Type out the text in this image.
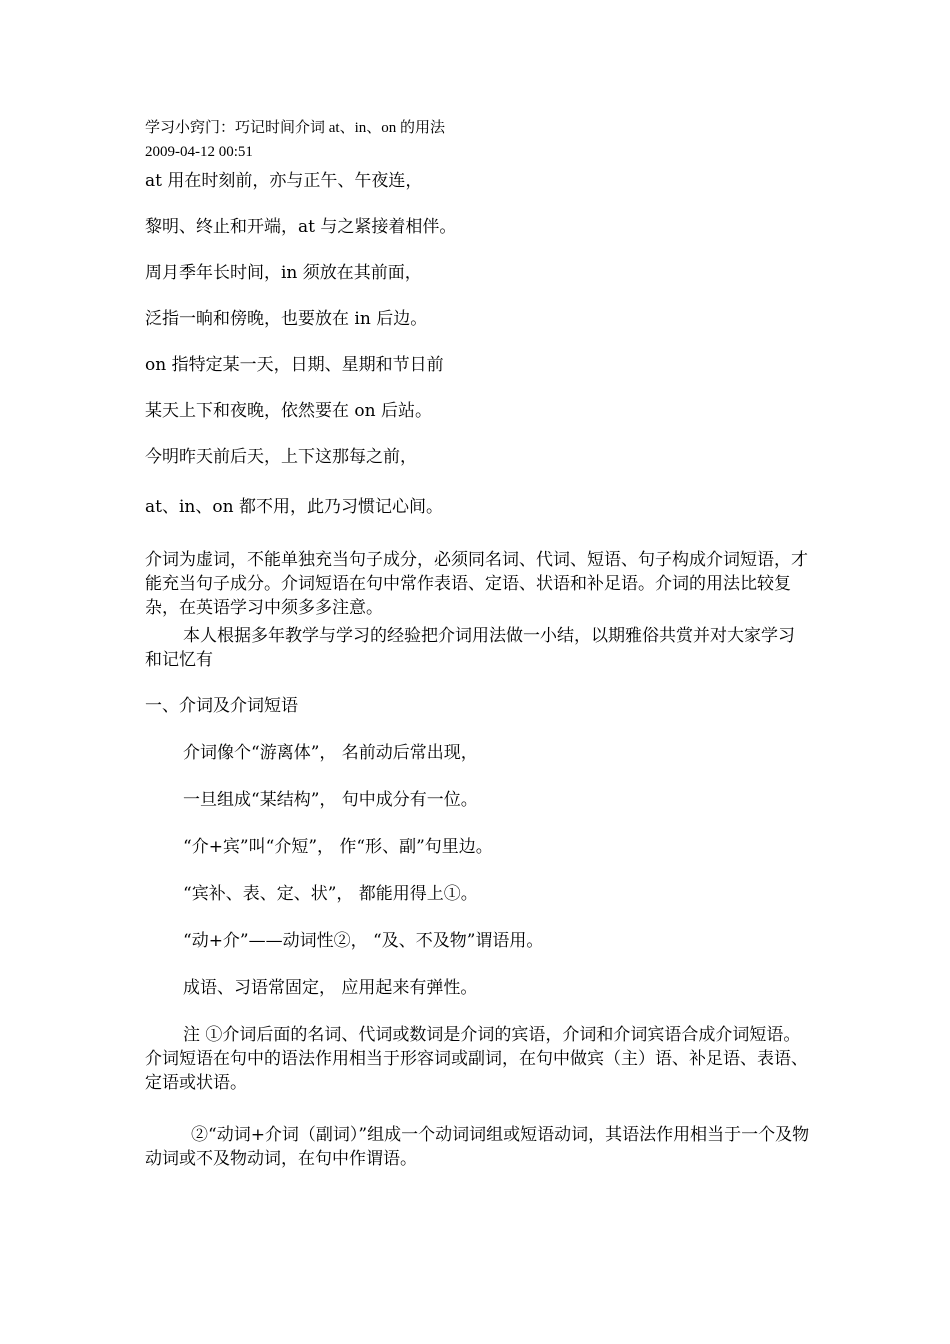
学习小窍门：巧记时间介词 at、in、on 的用法
2009-04-12 00:51
at 用在时刻前，亦与正午、午夜连，
黎明、终止和开端，at 与之紧接着相伴。
周月季年长时间，in 须放在其前面，
泛指一晌和傍晚，也要放在 in 后边。
on 指特定某一天，日期、星期和节日前
某天上下和夜晚，依然要在 on 后站。
今明昨天前后天，上下这那每之前，
at、in、on 都不用，此乃习惯记心间。
介词为虚词，不能单独充当句子成分，必须同名词、代词、短语、句子构成介词短语，才能充当句子成分。介词短语在句中常作表语、定语、状语和补足语。介词的用法比较复杂，在英语学习中须多多注意。
本人根据多年教学与学习的经验把介词用法做一小结，以期雅俗共赏并对大家学习和记忆有
一、介词及介词短语
介词像个“游离体”， 名前动后常出现，
一旦组成“某结构”， 句中成分有一位。
“介+宾”叫“介短”， 作“形、副”句里边。
“宾补、表、定、状”， 都能用得上①。
“动+介”——动词性②， “及、不及物”谓语用。
成语、习语常固定， 应用起来有弹性。
注 ①介词后面的名词、代词或数词是介词的宾语，介词和介词宾语合成介词短语。介词短语在句中的语法作用相当于形容词或副词，在句中做宾（主）语、补足语、表语、定语或状语。
②“动词+介词（副词）”组成一个动词词组或短语动词，其语法作用相当于一个及物动词或不及物动词，在句中作谓语。
